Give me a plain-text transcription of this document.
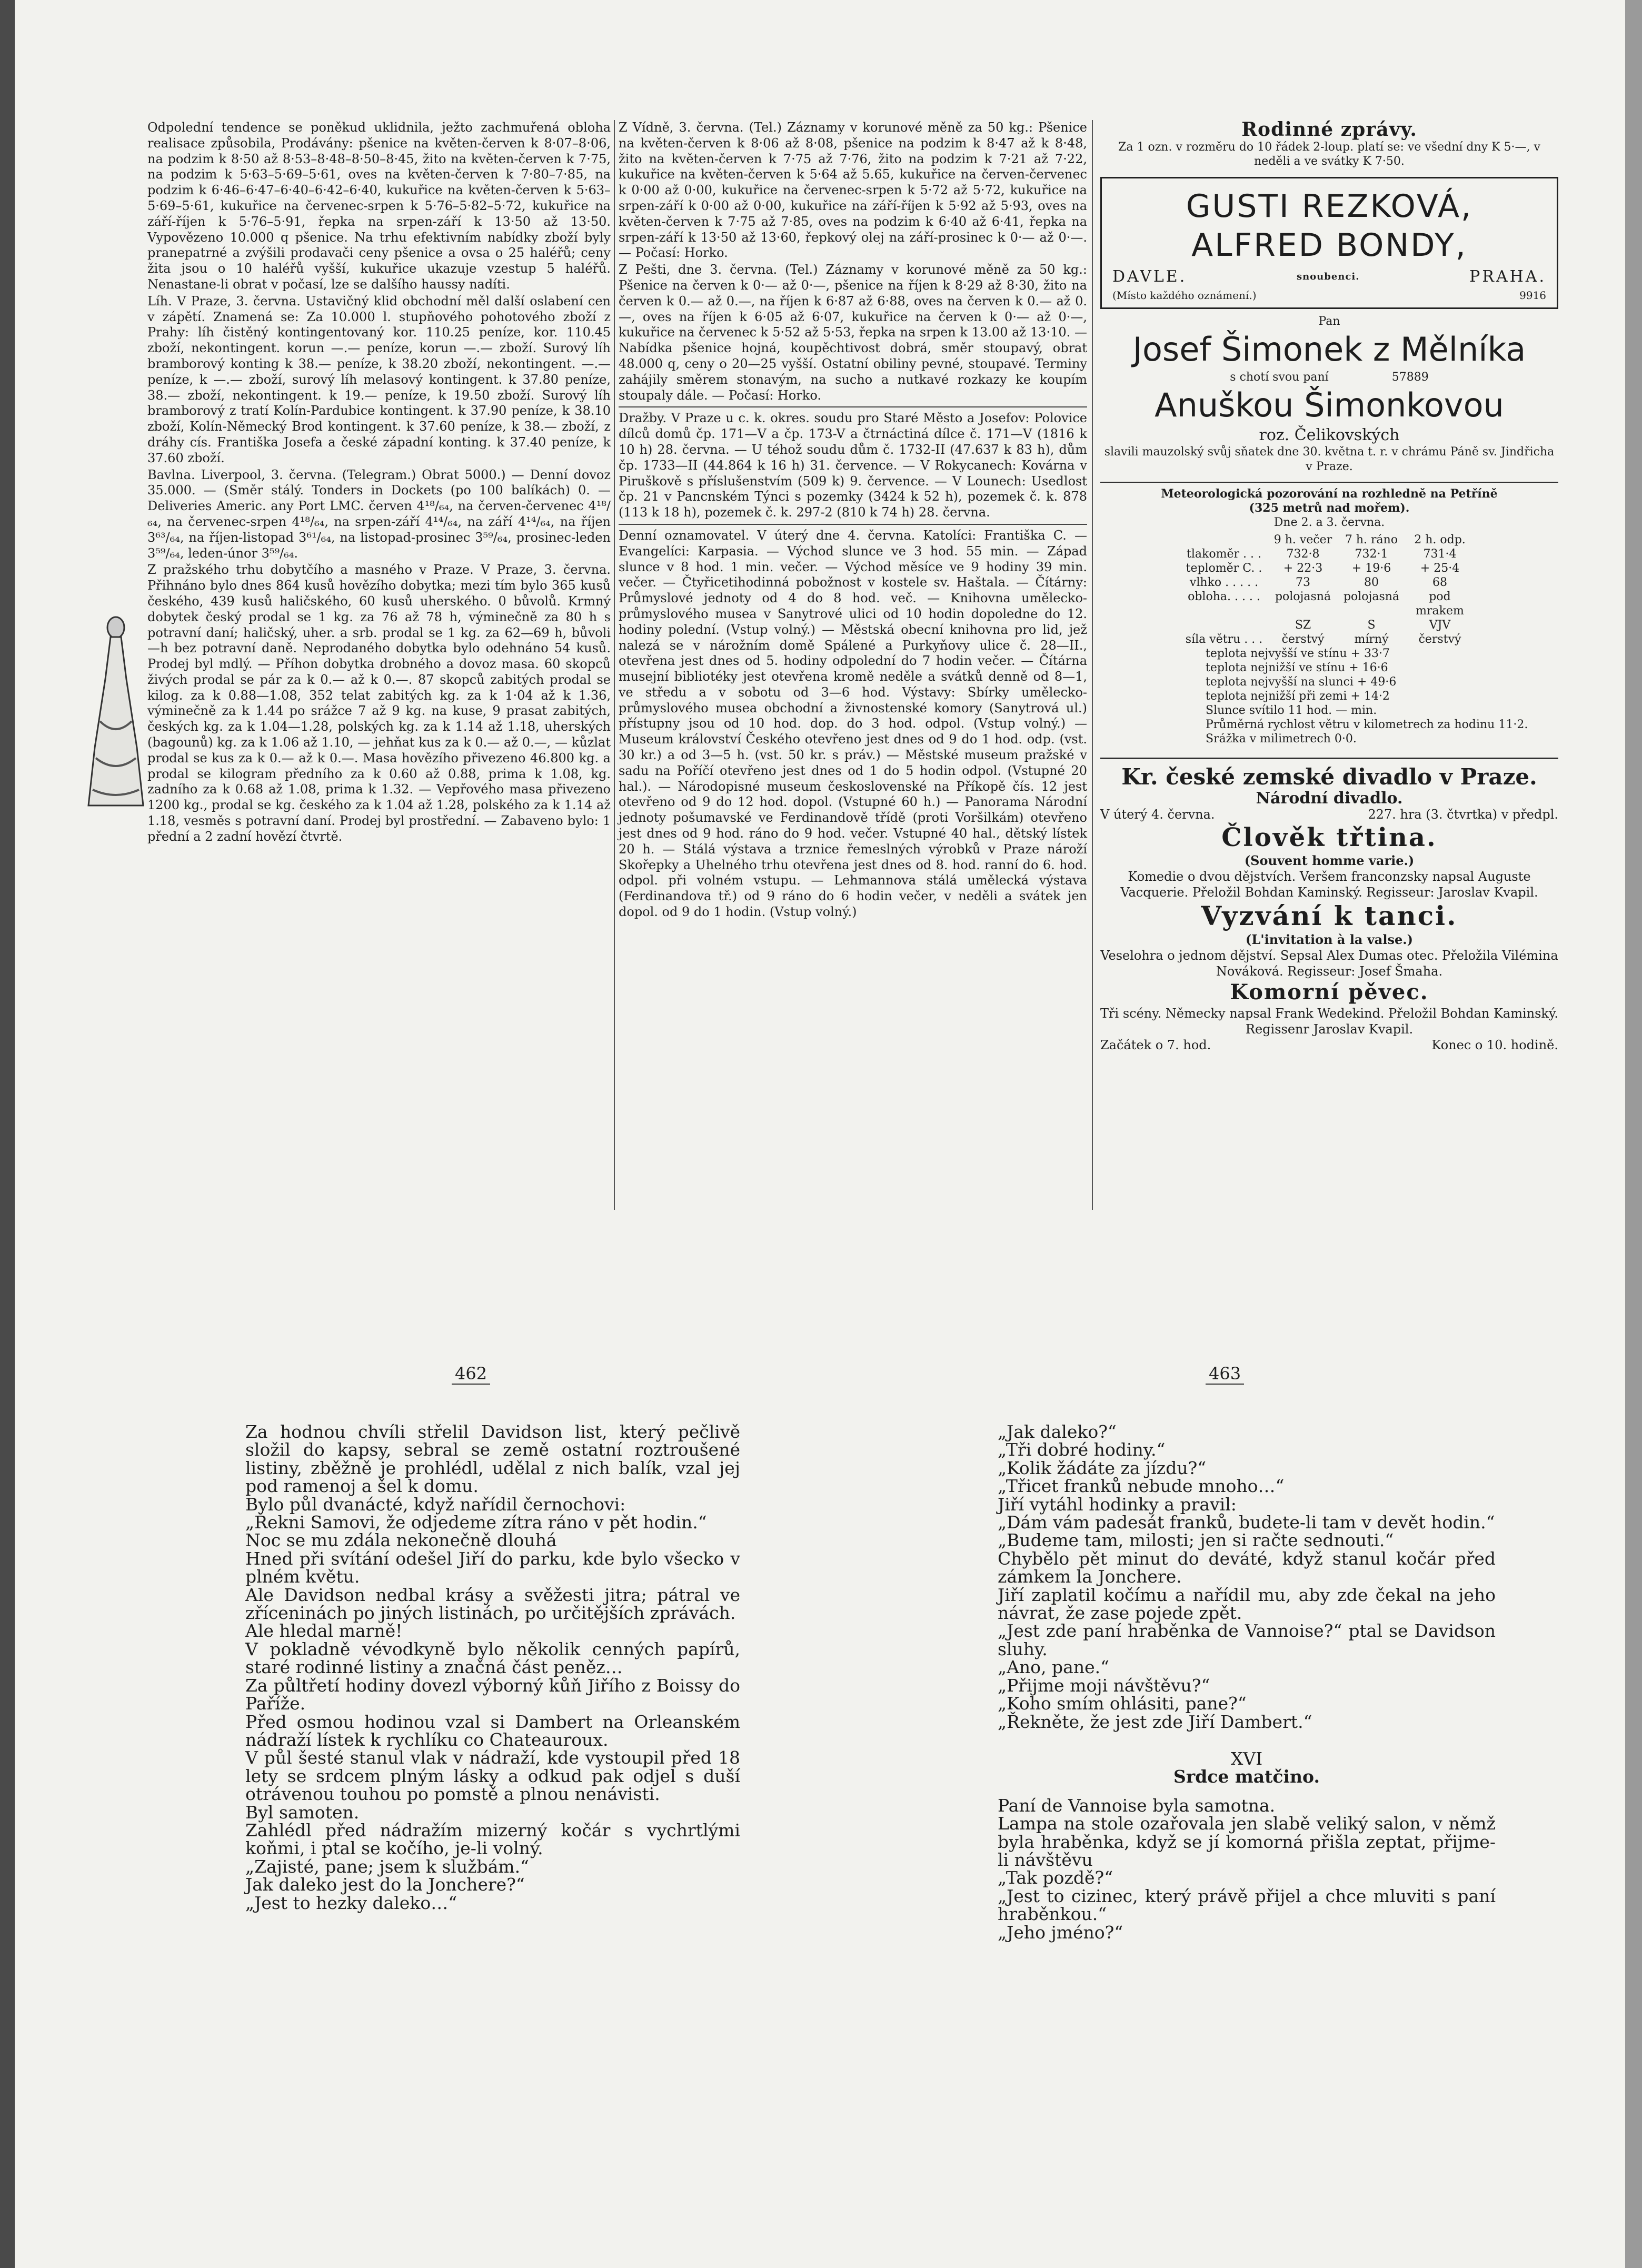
Odpolední tendence se poněkud uklidnila, ježto zachmuřená obloha realisace způsobila, Prodávány: pšenice na květen-červen k 8·07–8·06, na podzim k 8·50 až 8·53–8·48–8·50–8·45, žito na květen-červen k 7·75, na podzim k 5·63–5·69–5·61, oves na květen-červen k 7·80–7·85, na podzim k 6·46–6·47–6·40–6·42–6·40, kukuřice na květen-červen k 5·63–5·69–5·61, kukuřice na červenec-srpen k 5·76–5·82–5·72, kukuřice na září-říjen k 5·76–5·91, řepka na srpen-září k 13·50 až 13·50. Vypovězeno 10.000 q pšenice. Na trhu efektivním nabídky zboží byly pranepatrné a zvýšili prodavači ceny pšenice a ovsa o 25 haléřů; ceny žita jsou o 10 haléřů vyšší, kukuřice ukazuje vzestup 5 haléřů. Nenastane-li obrat v počasí, lze se dalšího haussy nadíti.

Líh. V Praze, 3. června. Ustavičný klid obchodní měl další oslabení cen v zápětí. Znamená se: Za 10.000 l. stupňového pohotového zboží z Prahy: líh čistěný kontingentovaný kor. 110.25 peníze, kor. 110.45 zboží, nekontingent. korun —.— peníze, korun —.— zboží. Surový líh bramborový konting k 38.— peníze, k 38.20 zboží, nekontingent. —.— peníze, k —.— zboží, surový líh melasový kontingent. k 37.80 peníze, 38.— zboží, nekontingent. k 19.— peníze, k 19.50 zboží. Surový líh bramborový z tratí Kolín-Pardubice kontingent. k 37.90 peníze, k 38.10 zboží, Kolín-Německý Brod kontingent. k 37.60 peníze, k 38.— zboží, z dráhy cís. Františka Josefa a české západní konting. k 37.40 peníze, k 37.60 zboží.

Bavlna. Liverpool, 3. června. (Telegram.) Obrat 5000.) — Denní dovoz 35.000. — (Směr stálý. Tonders in Dockets (po 100 balíkách) 0. — Deliveries Americ. any Port LMC. červen 4¹⁸/₆₄, na červen-červenec 4¹⁸/₆₄, na červenec-srpen 4¹⁸/₆₄, na srpen-září 4¹⁴/₆₄, na září 4¹⁴/₆₄, na říjen 3⁶³/₆₄, na říjen-listopad 3⁶¹/₆₄, na listopad-prosinec 3⁵⁹/₆₄, prosinec-leden 3⁵⁹/₆₄, leden-únor 3⁵⁹/₆₄.

Z pražského trhu dobytčího a masného v Praze. V Praze, 3. června. Přihnáno bylo dnes 864 kusů hovězího dobytka; mezi tím bylo 365 kusů českého, 439 kusů haličského, 60 kusů uherského. 0 bůvolů. Krmný dobytek český prodal se 1 kg. za 76 až 78 h, výminečně za 80 h s potravní daní; haličský, uher. a srb. prodal se 1 kg. za 62—69 h, bůvoli —h bez potravní daně. Neprodaného dobytka bylo odehnáno 54 kusů. Prodej byl mdlý. — Příhon dobytka drobného a dovoz masa. 60 skopců živých prodal se pár za k 0.— až k 0.—. 87 skopců zabitých prodal se kilog. za k 0.88—1.08, 352 telat zabitých kg. za k 1·04 až k 1.36, výminečně za k 1.44 po srážce 7 až 9 kg. na kuse, 9 prasat zabitých, českých kg. za k 1.04—1.28, polských kg. za k 1.14 až 1.18, uherských (bagounů) kg. za k 1.06 až 1.10, — jehňat kus za k 0.— až 0.—, — kůzlat prodal se kus za k 0.— až k 0.—. Masa hovězího přivezeno 46.800 kg. a prodal se kilogram předního za k 0.60 až 0.88, prima k 1.08, kg. zadního za k 0.68 až 1.08, prima k 1.32. — Vepřového masa přivezeno 1200 kg., prodal se kg. českého za k 1.04 až 1.28, polského za k 1.14 až 1.18, vesměs s potravní daní. Prodej byl prostřední. — Zabaveno bylo: 1 přední a 2 zadní hovězí čtvrtě.

Z Vídně, 3. června. (Tel.) Záznamy v korunové měně za 50 kg.: Pšenice na květen-červen k 8·06 až 8·08, pšenice na podzim k 8·47 až k 8·48, žito na květen-červen k 7·75 až 7·76, žito na podzim k 7·21 až 7·22, kukuřice na květen-červen k 5·64 až 5.65, kukuřice na červen-červenec k 0·00 až 0·00, kukuřice na červenec-srpen k 5·72 až 5·72, kukuřice na srpen-září k 0·00 až 0·00, kukuřice na září-říjen k 5·92 až 5·93, oves na květen-červen k 7·75 až 7·85, oves na podzim k 6·40 až 6·41, řepka na srpen-září k 13·50 až 13·60, řepkový olej na září-prosinec k 0·— až 0·—. — Počasí: Horko.

Z Pešti, dne 3. června. (Tel.) Záznamy v korunové měně za 50 kg.: Pšenice na červen k 0·— až 0·—, pšenice na říjen k 8·29 až 8·30, žito na červen k 0.— až 0.—, na říjen k 6·87 až 6·88, oves na červen k 0.— až 0.—, oves na říjen k 6·05 až 6·07, kukuřice na červen k 0·— až 0·—, kukuřice na červenec k 5·52 až 5·53, řepka na srpen k 13.00 až 13·10. — Nabídka pšenice hojná, koupěchtivost dobrá, směr stoupavý, obrat 48.000 q, ceny o 20—25 vyšší. Ostatní obiliny pevné, stoupavé. Terminy zahájily směrem stonavým, na sucho a nutkavé rozkazy ke koupím stoupaly dále. — Počasí: Horko.

Dražby. V Praze u c. k. okres. soudu pro Staré Město a Josefov: Polovice dílců domů čp. 171—V a čp. 173-V a čtrnáctiná dílce č. 171—V (1816 k 10 h) 28. června. — U téhož soudu dům č. 1732-II (47.637 k 83 h), dům čp. 1733—II (44.864 k 16 h) 31. července. — V Rokycanech: Kovárna v Piruškově s příslušenstvím (509 k) 9. července. — V Lounech: Usedlost čp. 21 v Pancnském Týnci s pozemky (3424 k 52 h), pozemek č. k. 878 (113 k 18 h), pozemek č. k. 297-2 (810 k 74 h) 28. června.

Denní oznamovatel. V úterý dne 4. června. Katolíci: Františka C. — Evangelíci: Karpasia. — Východ slunce ve 3 hod. 55 min. — Západ slunce v 8 hod. 1 min. večer. — Východ měsíce ve 9 hodiny 39 min. večer. — Čtyřicetihodinná pobožnost v kostele sv. Haštala. — Čítárny: Průmyslové jednoty od 4 do 8 hod. več. — Knihovna umělecko-průmyslového musea v Sanytrové ulici od 10 hodin dopoledne do 12. hodiny polední. (Vstup volný.) — Městská obecní knihovna pro lid, jež nalezá se v nárožním domě Spálené a Purkyňovy ulice č. 28—II., otevřena jest dnes od 5. hodiny odpolední do 7 hodin večer. — Čítárna musejní bibliotéky jest otevřena kromě neděle a svátků denně od 8—1, ve středu a v sobotu od 3—6 hod. Výstavy: Sbírky umělecko-průmyslového musea obchodní a živnostenské komory (Sanytrová ul.) přístupny jsou od 10 hod. dop. do 3 hod. odpol. (Vstup volný.) — Museum království Českého otevřeno jest dnes od 9 do 1 hod. odp. (vst. 30 kr.) a od 3—5 h. (vst. 50 kr. s práv.) — Městské museum pražské v sadu na Poříčí otevřeno jest dnes od 1 do 5 hodin odpol. (Vstupné 20 hal.). — Národopisné museum československé na Příkopě čís. 12 jest otevřeno od 9 do 12 hod. dopol. (Vstupné 60 h.) — Panorama Národní jednoty pošumavské ve Ferdinandově třídě (proti Voršilkám) otevřeno jest dnes od 9 hod. ráno do 9 hod. večer. Vstupné 40 hal., dětský lístek 20 h. — Stálá výstava a trznice řemeslných výrobků v Praze nároží Skořepky a Uhelného trhu otevřena jest dnes od 8. hod. ranní do 6. hod. odpol. při volném vstupu. — Lehmannova stálá umělecká výstava (Ferdinandova tř.) od 9 ráno do 6 hodin večer, v neděli a svátek jen dopol. od 9 do 1 hodin. (Vstup volný.)

Rodinné zprávy.
Za 1 ozn. v rozměru do 10 řádek 2-loup. platí se: ve všední dny K 5·—, v neděli a ve svátky K 7·50.
GUSTI REZKOVÁ,
ALFRED BONDY,
DAVLE.	snoubenci.	PRAHA.
(Místo každého oznámení.)	9916
Pan
Josef Šimonek z Mělníka
s chotí svou paní	57889
Anuškou Šimonkovou
roz. Čelikovských
slavili mauzolský svůj sňatek dne 30. května t. r. v chrámu Páně sv. Jindřicha v Praze.
Meteorologická pozorování na rozhledně na Petříně
(325 metrů nad mořem).
Dne 2. a 3. června.
9 h. večer	7 h. ráno	2 h. odp.
tlakoměr . . .	732·8	732·1	731·4
teploměr C. .	+ 22·3	+ 19·6	+ 25·4
vlhko . . . . .	73	80	68
obloha. . . . .	polojasná	polojasná	pod mrakem
SZ	S	VJV
síla větru . . .	čerstvý	mírný	čerstvý
teplota nejvyšší ve stínu + 33·7
teplota nejnižší ve stínu + 16·6
teplota nejvyšší na slunci + 49·6
teplota nejnižší při zemi + 14·2
Slunce svítilo 11 hod. — min.
Průměrná rychlost větru v kilometrech za hodinu 11·2.
Srážka v milimetrech 0·0.
Kr. české zemské divadlo v Praze.
Národní divadlo.
V úterý 4. června.	227. hra (3. čtvrtka) v předpl.
Člověk třtina.
(Souvent homme varie.)
Komedie o dvou dějstvích. Veršem franconzsky napsal Auguste Vacquerie. Přeložil Bohdan Kaminský. Regisseur: Jaroslav Kvapil.
Vyzvání k tanci.
(L'invitation à la valse.)
Veselohra o jednom dějství. Sepsal Alex Dumas otec. Přeložila Vilémina Nováková. Regisseur: Josef Šmaha.
Komorní pěvec.
Tři scény. Německy napsal Frank Wedekind. Přeložil Bohdan Kaminský. Regissenr Jaroslav Kvapil.
Začátek o 7. hod.	Konec o 10. hodině.
462	463

Za hodnou chvíli střelil Davidson list, který pečlivě složil do kapsy, sebral se země ostatní roztroušené listiny, zběžně je prohlédl, udělal z nich balík, vzal jej pod ramenoj a šel k domu.

Bylo půl dvanácté, když nařídil černochovi:

„Řekni Samovi, že odjedeme zítra ráno v pět hodin.“

Noc se mu zdála nekonečně dlouhá

Hned při svítání odešel Jiří do parku, kde bylo všecko v plném květu.

Ale Davidson nedbal krásy a svěžesti jitra; pátral ve zříceninách po jiných listinách, po určitějších zprávách.

Ale hledal marně!

V pokladně vévodkyně bylo několik cenných papírů, staré rodinné listiny a značná část peněz…

Za půltřetí hodiny dovezl výborný kůň Jiřího z Boissy do Paříže.

Před osmou hodinou vzal si Dambert na Orleanském nádraží lístek k rychlíku co Chateauroux.

V půl šesté stanul vlak v nádraží, kde vystoupil před 18 lety se srdcem plným lásky a odkud pak odjel s duší otrávenou touhou po pomstě a plnou nenávisti.

Byl samoten.

Zahlédl před nádražím mizerný kočár s vychrtlými koňmi, i ptal se kočího, je-li volný.

„Zajisté, pane; jsem k službám.“

Jak daleko jest do la Jonchere?“

„Jest to hezky daleko…“

„Jak daleko?“

„Tři dobré hodiny.“

„Kolik žádáte za jízdu?“

„Třicet franků nebude mnoho…“

Jiří vytáhl hodinky a pravil:

„Dám vám padesát franků, budete-li tam v devět hodin.“

„Budeme tam, milosti; jen si račte sednouti.“

Chybělo pět minut do deváté, když stanul kočár před zámkem la Jonchere.

Jiří zaplatil kočímu a nařídil mu, aby zde čekal na jeho návrat, že zase pojede zpět.

„Jest zde paní hraběnka de Vannoise?“ ptal se Davidson sluhy.

„Ano, pane.“

„Přijme moji návštěvu?“

„Koho smím ohlásiti, pane?“

„Řekněte, že jest zde Jiří Dambert.“

XVI
Srdce matčino.

Paní de Vannoise byla samotna.

Lampa na stole ozařovala jen slabě veliký salon, v němž byla hraběnka, když se jí komorná přišla zeptat, přijme-li návštěvu

„Tak pozdě?“

„Jest to cizinec, který právě přijel a chce mluviti s paní hraběnkou.“

„Jeho jméno?“
